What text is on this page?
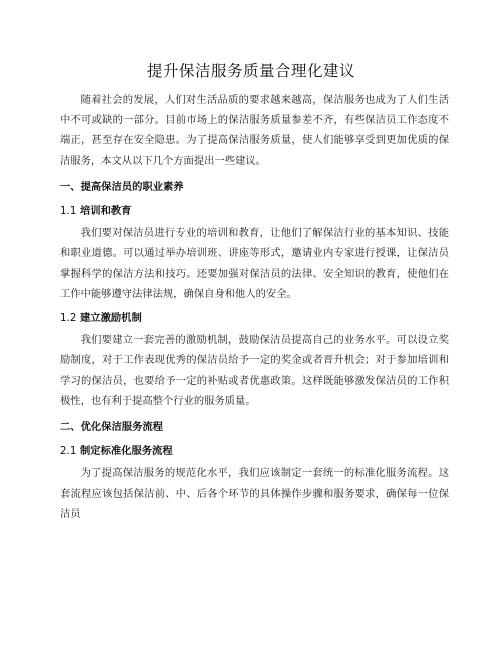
提升保洁服务质量合理化建议

随着社会的发展，人们对生活品质的要求越来越高，保洁服务也成为了人们生活中不可或缺的一部分。目前市场上的保洁服务质量参差不齐，有些保洁员工作态度不端正，甚至存在安全隐患。为了提高保洁服务质量，使人们能够享受到更加优质的保洁服务，本文从以下几个方面提出一些建议。

一、提高保洁员的职业素养
1.1 培训和教育

我们要对保洁员进行专业的培训和教育，让他们了解保洁行业的基本知识、技能和职业道德。可以通过举办培训班、讲座等形式，邀请业内专家进行授课，让保洁员掌握科学的保洁方法和技巧。还要加强对保洁员的法律、安全知识的教育，使他们在工作中能够遵守法律法规，确保自身和他人的安全。

1.2 建立激励机制

我们要建立一套完善的激励机制，鼓励保洁员提高自己的业务水平。可以设立奖励制度，对于工作表现优秀的保洁员给予一定的奖金或者晋升机会；对于参加培训和学习的保洁员，也要给予一定的补贴或者优惠政策。这样既能够激发保洁员的工作积极性，也有利于提高整个行业的服务质量。

二、优化保洁服务流程
2.1 制定标准化服务流程

为了提高保洁服务的规范化水平，我们应该制定一套统一的标准化服务流程。这套流程应该包括保洁前、中、后各个环节的具体操作步骤和服务要求，确保每一位保洁员
